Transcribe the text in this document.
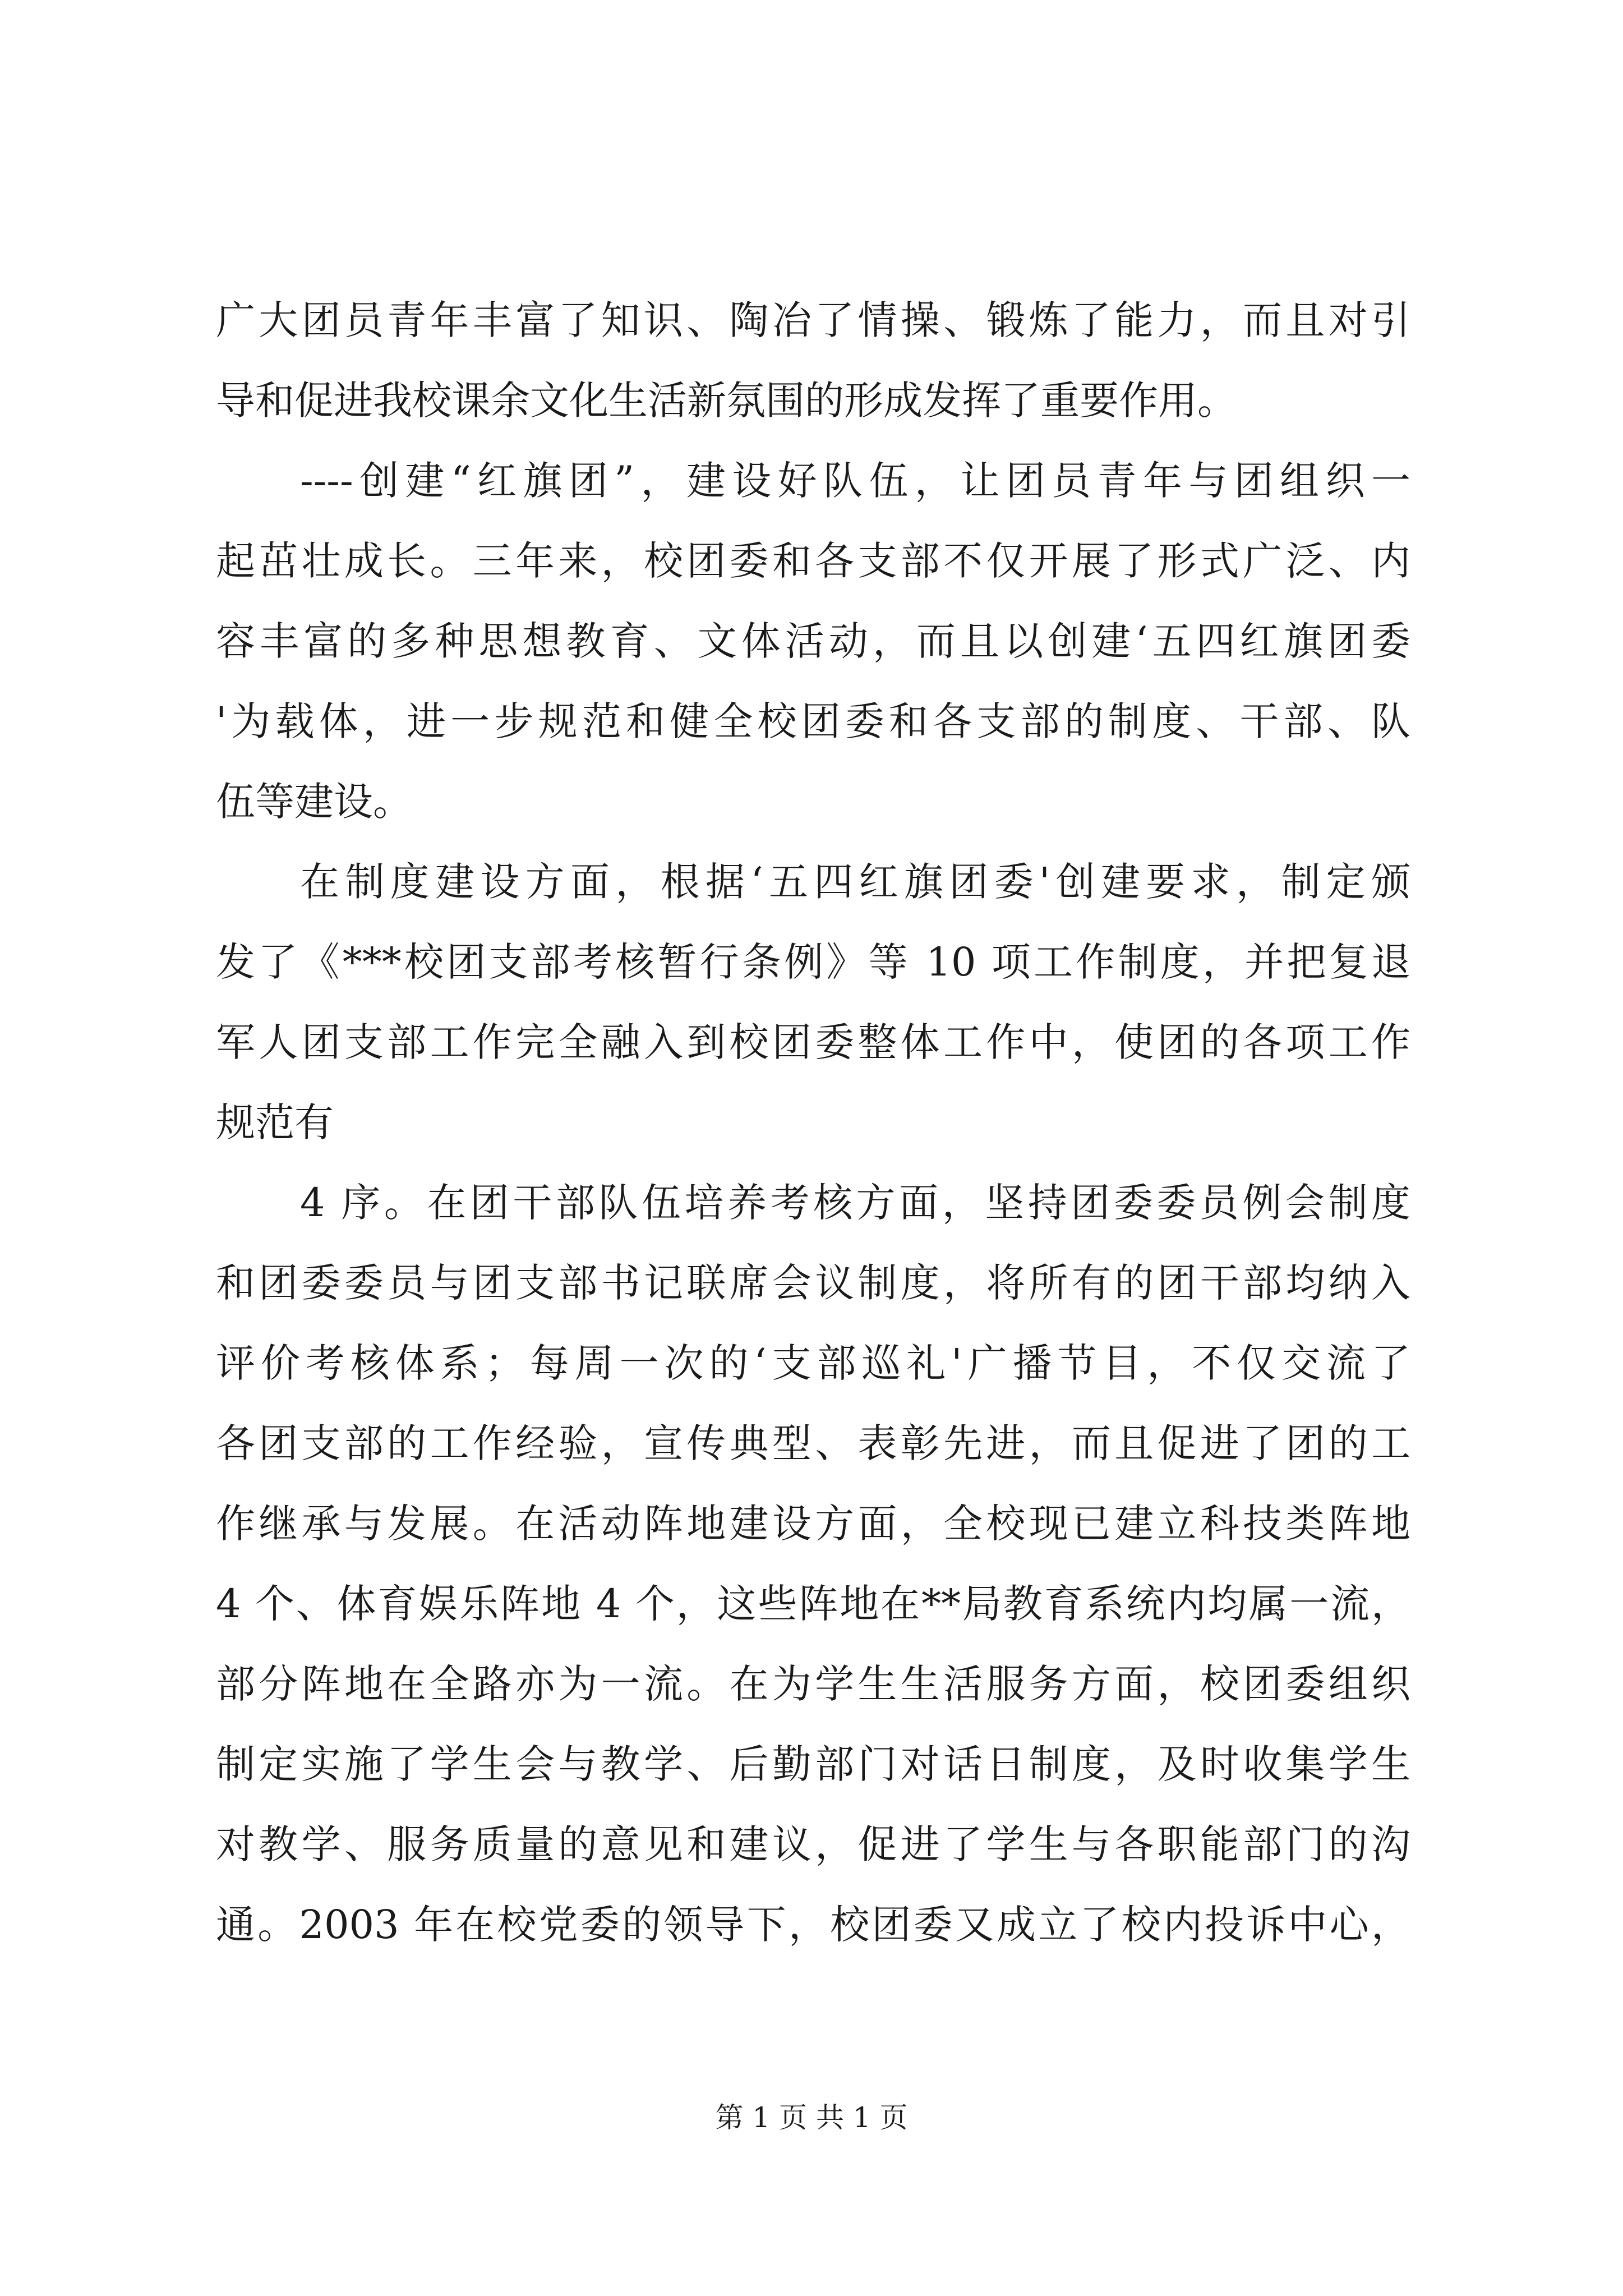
广大团员青年丰富了知识、陶冶了情操、锻炼了能力，而且对引
导和促进我校课余文化生活新氛围的形成发挥了重要作用。
----创建“红旗团”，建设好队伍，让团员青年与团组织一
起茁壮成长。三年来，校团委和各支部不仅开展了形式广泛、内
容丰富的多种思想教育、文体活动，而且以创建‘五四红旗团委
'为载体，进一步规范和健全校团委和各支部的制度、干部、队
伍等建设。
在制度建设方面，根据‘五四红旗团委'创建要求，制定颁
发了《***校团支部考核暂行条例》等 10 项工作制度，并把复退
军人团支部工作完全融入到校团委整体工作中，使团的各项工作
规范有
4 序。在团干部队伍培养考核方面，坚持团委委员例会制度
和团委委员与团支部书记联席会议制度，将所有的团干部均纳入
评价考核体系；每周一次的‘支部巡礼'广播节目，不仅交流了
各团支部的工作经验，宣传典型、表彰先进，而且促进了团的工
作继承与发展。在活动阵地建设方面，全校现已建立科技类阵地
4 个、体育娱乐阵地 4 个，这些阵地在**局教育系统内均属一流，
部分阵地在全路亦为一流。在为学生生活服务方面，校团委组织
制定实施了学生会与教学、后勤部门对话日制度，及时收集学生
对教学、服务质量的意见和建议，促进了学生与各职能部门的沟
通。2003 年在校党委的领导下，校团委又成立了校内投诉中心，
第 1 页 共 1 页
